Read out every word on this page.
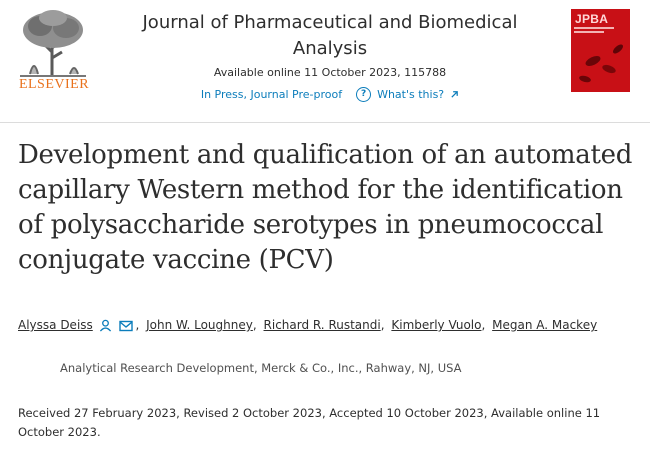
ELSEVIER
Journal of Pharmaceutical and Biomedical Analysis
Available online 11 October 2023, 115788
In Press, Journal Pre-proof	? What's this?
JPBA
Development and qualification of an automated capillary Western method for the identification of polysaccharide serotypes in pneumococcal conjugate vaccine (PCV)
Alyssa Deiss	, John W. Loughney, Richard R. Rustandi, Kimberly Vuolo, Megan A. Mackey
Analytical Research Development, Merck & Co., Inc., Rahway, NJ, USA
Received 27 February 2023, Revised 2 October 2023, Accepted 10 October 2023, Available online 11 October 2023.
